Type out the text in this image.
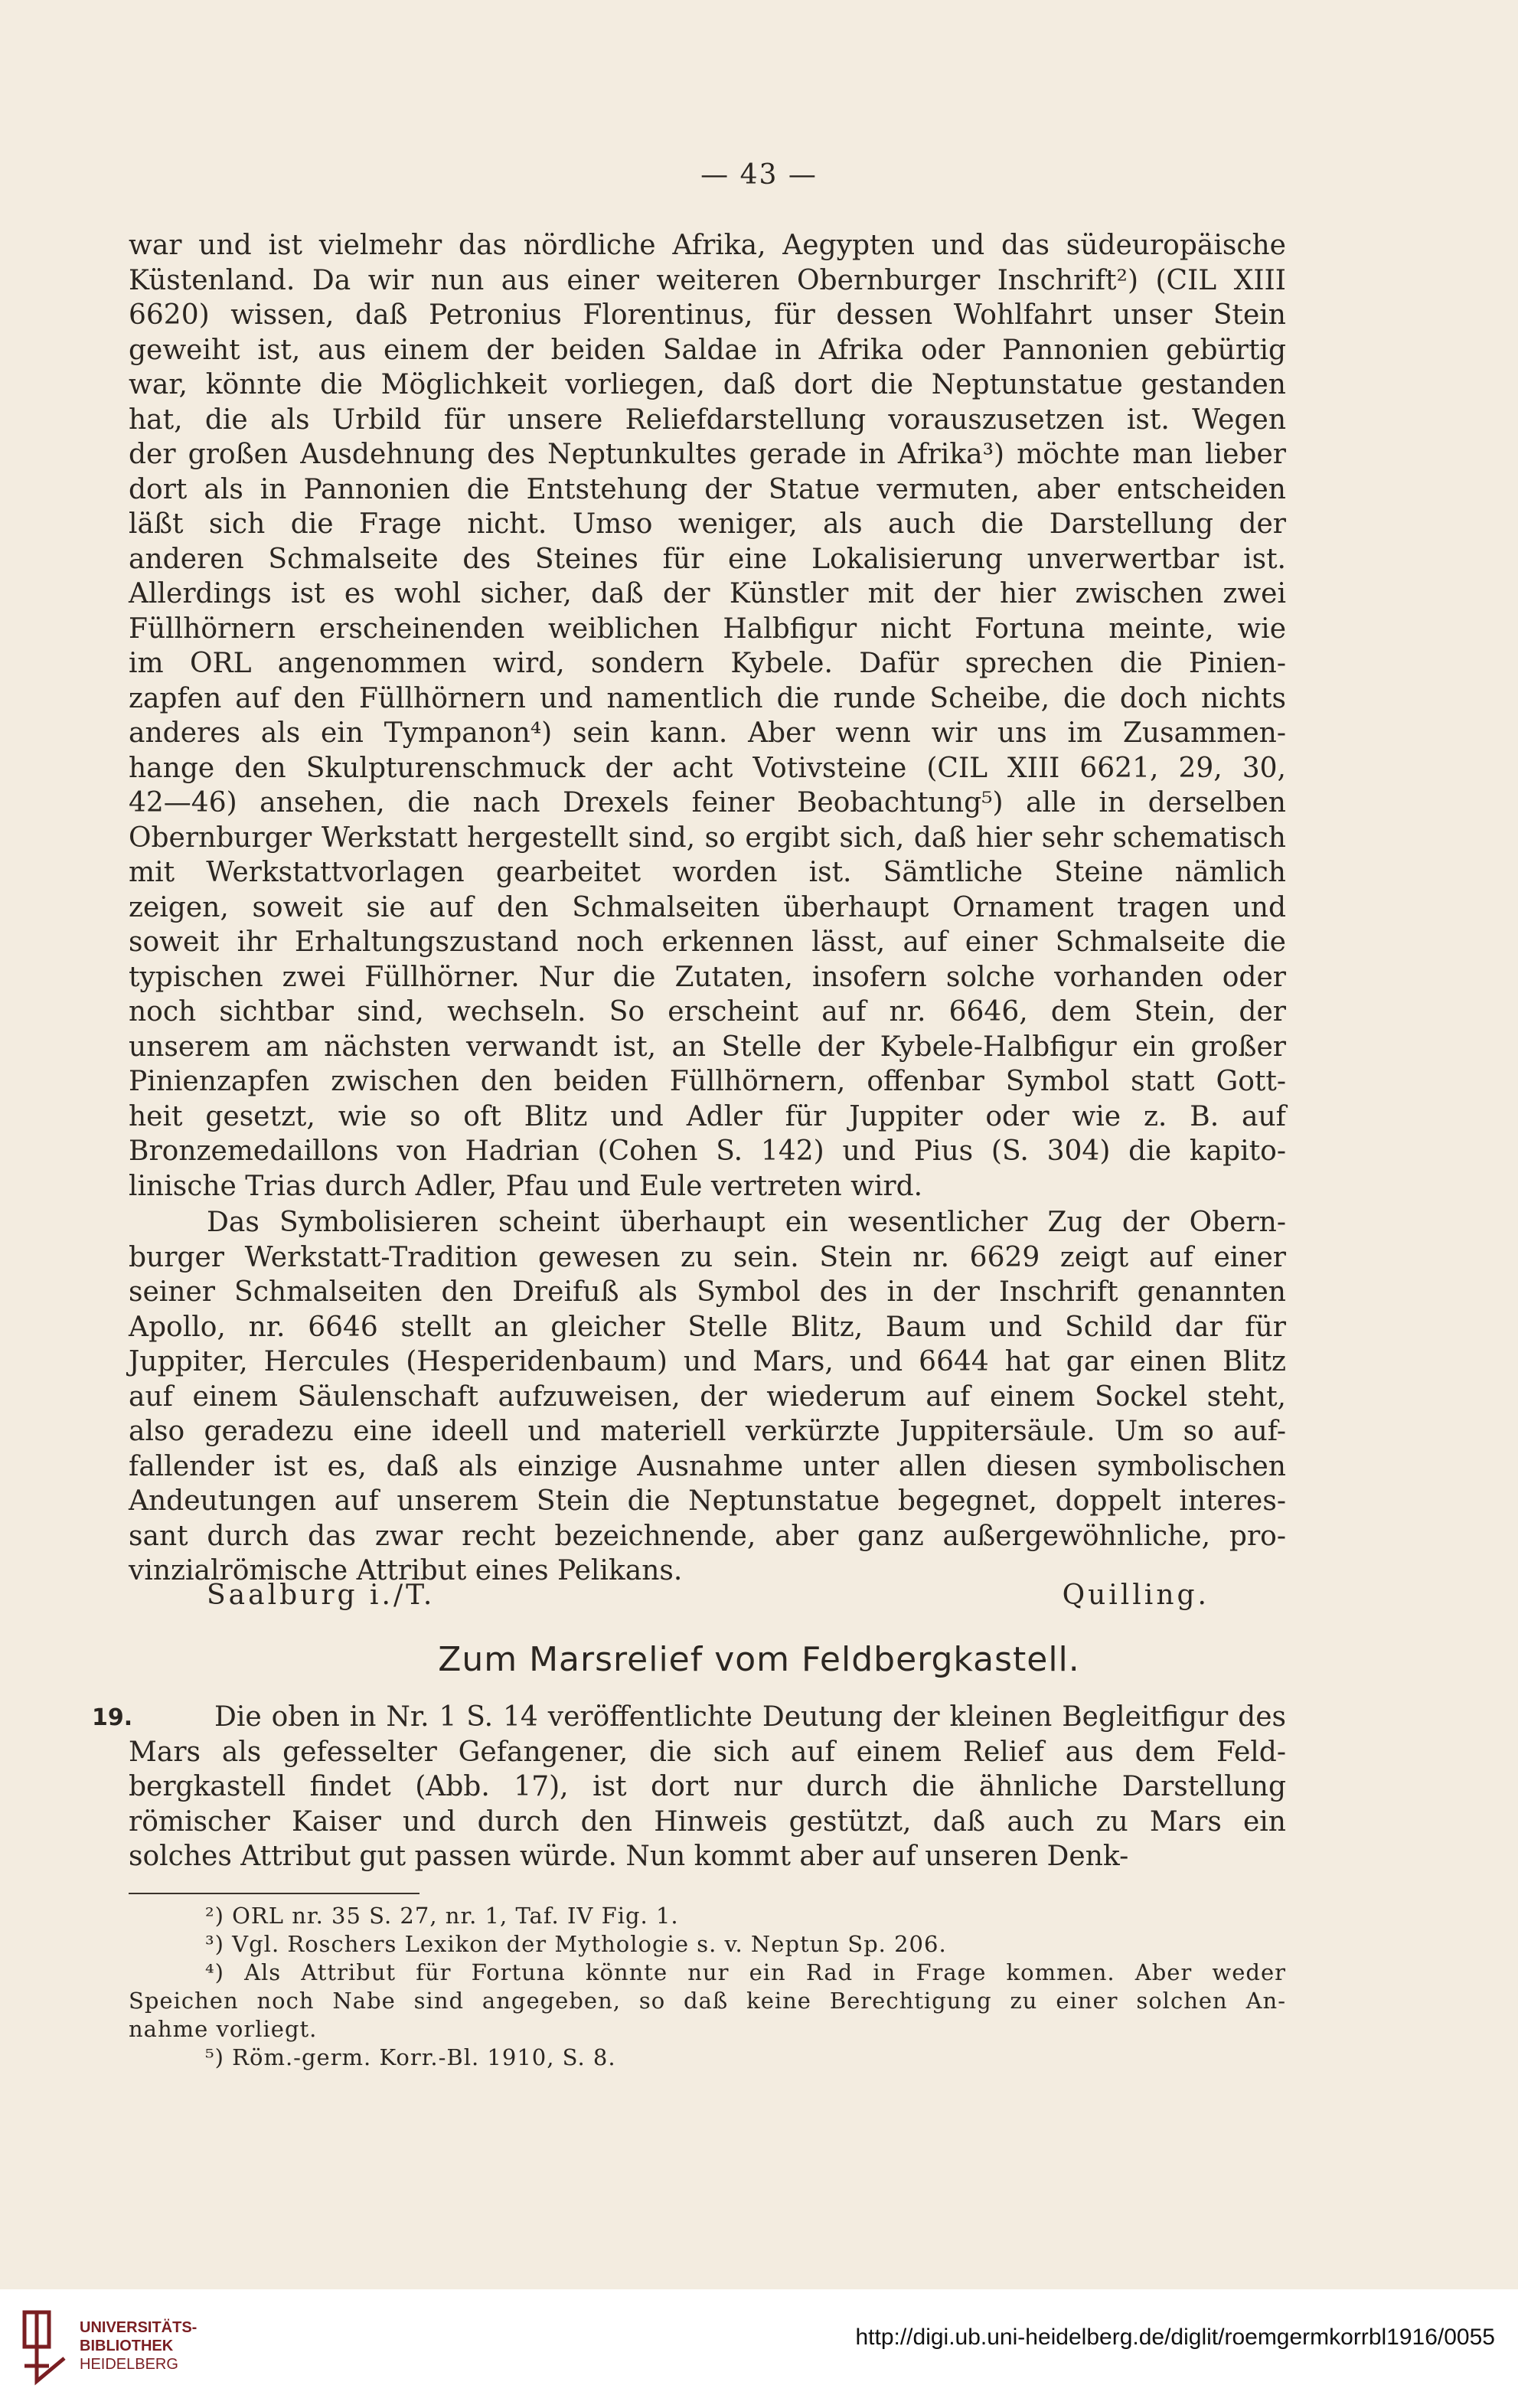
— 43 —
war und ist vielmehr das nördliche Afrika, Aegypten und das südeuropäische
Küstenland. Da wir nun aus einer weiteren Obernburger Inschrift²) (CIL XIII
6620) wissen, daß Petronius Florentinus, für dessen Wohlfahrt unser Stein
geweiht ist, aus einem der beiden Saldae in Afrika oder Pannonien gebürtig
war, könnte die Möglichkeit vorliegen, daß dort die Neptunstatue gestanden
hat, die als Urbild für unsere Reliefdarstellung vorauszusetzen ist. Wegen
der großen Ausdehnung des Neptunkultes gerade in Afrika³) möchte man lieber
dort als in Pannonien die Entstehung der Statue vermuten, aber entscheiden
läßt sich die Frage nicht. Umso weniger, als auch die Darstellung der
anderen Schmalseite des Steines für eine Lokalisierung unverwertbar ist.
Allerdings ist es wohl sicher, daß der Künstler mit der hier zwischen zwei
Füllhörnern erscheinenden weiblichen Halbfigur nicht Fortuna meinte, wie
im ORL angenommen wird, sondern Kybele. Dafür sprechen die Pinien-
zapfen auf den Füllhörnern und namentlich die runde Scheibe, die doch nichts
anderes als ein Tympanon⁴) sein kann. Aber wenn wir uns im Zusammen-
hange den Skulpturenschmuck der acht Votivsteine (CIL XIII 6621, 29, 30,
42—46) ansehen, die nach Drexels feiner Beobachtung⁵) alle in derselben
Obernburger Werkstatt hergestellt sind, so ergibt sich, daß hier sehr schematisch
mit Werkstattvorlagen gearbeitet worden ist. Sämtliche Steine nämlich
zeigen, soweit sie auf den Schmalseiten überhaupt Ornament tragen und
soweit ihr Erhaltungszustand noch erkennen lässt, auf einer Schmalseite die
typischen zwei Füllhörner. Nur die Zutaten, insofern solche vorhanden oder
noch sichtbar sind, wechseln. So erscheint auf nr. 6646, dem Stein, der
unserem am nächsten verwandt ist, an Stelle der Kybele-Halbfigur ein großer
Pinienzapfen zwischen den beiden Füllhörnern, offenbar Symbol statt Gott-
heit gesetzt, wie so oft Blitz und Adler für Juppiter oder wie z. B. auf
Bronzemedaillons von Hadrian (Cohen S. 142) und Pius (S. 304) die kapito-
linische Trias durch Adler, Pfau und Eule vertreten wird.
Das Symbolisieren scheint überhaupt ein wesentlicher Zug der Obern-
burger Werkstatt-Tradition gewesen zu sein. Stein nr. 6629 zeigt auf einer
seiner Schmalseiten den Dreifuß als Symbol des in der Inschrift genannten
Apollo, nr. 6646 stellt an gleicher Stelle Blitz, Baum und Schild dar für
Juppiter, Hercules (Hesperidenbaum) und Mars, und 6644 hat gar einen Blitz
auf einem Säulenschaft aufzuweisen, der wiederum auf einem Sockel steht,
also geradezu eine ideell und materiell verkürzte Juppitersäule. Um so auf-
fallender ist es, daß als einzige Ausnahme unter allen diesen symbolischen
Andeutungen auf unserem Stein die Neptunstatue begegnet, doppelt interes-
sant durch das zwar recht bezeichnende, aber ganz außergewöhnliche, pro-
vinzialrömische Attribut eines Pelikans.
Saalburg i./T.	Quilling.
Zum Marsrelief vom Feldbergkastell.
19.	Die oben in Nr. 1 S. 14 veröffentlichte Deutung der kleinen Begleitfigur des
Mars als gefesselter Gefangener, die sich auf einem Relief aus dem Feld-
bergkastell findet (Abb. 17), ist dort nur durch die ähnliche Darstellung
römischer Kaiser und durch den Hinweis gestützt, daß auch zu Mars ein
solches Attribut gut passen würde. Nun kommt aber auf unseren Denk-
²) ORL nr. 35 S. 27, nr. 1, Taf. IV Fig. 1.
³) Vgl. Roschers Lexikon der Mythologie s. v. Neptun Sp. 206.
⁴) Als Attribut für Fortuna könnte nur ein Rad in Frage kommen. Aber weder
Speichen noch Nabe sind angegeben, so daß keine Berechtigung zu einer solchen An-
nahme vorliegt.
⁵) Röm.-germ. Korr.-Bl. 1910, S. 8.
UNIVERSITÄTS-
BIBLIOTHEK
HEIDELBERG
http://digi.ub.uni-heidelberg.de/diglit/roemgermkorrbl1916/0055
